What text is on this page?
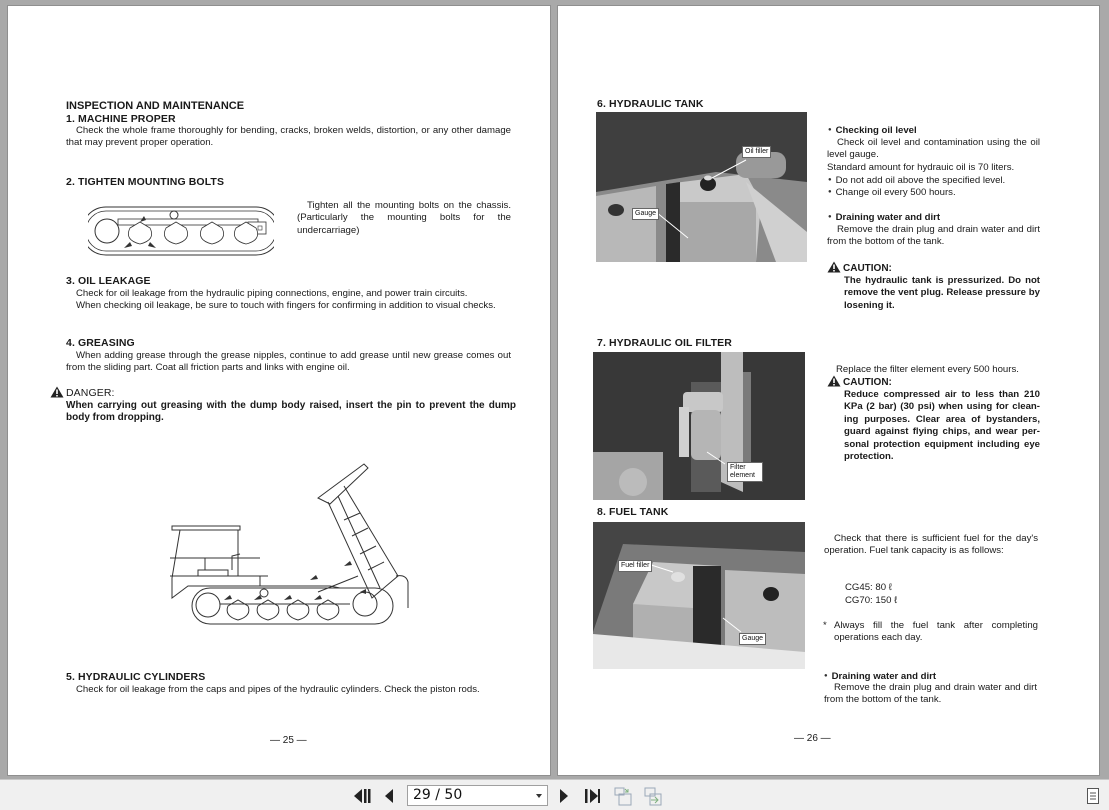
INSPECTION AND MAINTENANCE
1. MACHINE PROPER
Check the whole frame thoroughly for bending, cracks, broken welds, distortion, or any other damage that may prevent proper operation.
2. TIGHTEN MOUNTING BOLTS
Tighten all the mounting bolts on the chassis. (Particularly the mounting bolts for the undercarriage)
3. OIL LEAKAGE
Check for oil leakage from the hydraulic piping connections, engine, and power train circuits.
When checking oil leakage, be sure to touch with fingers for confirming in addition to visual checks.
4. GREASING
When adding grease through the grease nipples, continue to add grease until new grease comes out from the sliding part. Coat all friction parts and links with engine oil.
DANGER:
When carrying out greasing with the dump body raised, insert the pin to prevent the dump body from dropping.
5. HYDRAULIC CYLINDERS
Check for oil leakage from the caps and pipes of the hydraulic cylinders. Check the piston rods.
— 25 —
6. HYDRAULIC TANK
Oil filler
Gauge
● Checking oil level
Check oil level and contamination using the oil level gauge.
Standard amount for hydrauic oil is 70 liters.
● Do not add oil above the specified level.
● Change oil every 500 hours.
● Draining water and dirt
Remove the drain plug and drain water and dirt from the bottom of the tank.
CAUTION:
The hydraulic tank is pressurized. Do not remove the vent plug. Release pressure by losening it.
7. HYDRAULIC OIL FILTER
Filter element
Replace the filter element every 500 hours.
CAUTION:
Reduce compressed air to less than 210 KPa (2 bar) (30 psi) when using for clean-ing purposes. Clear area of bystanders, guard against flying chips, and wear per-sonal protection equipment including eye protection.
8. FUEL TANK
Fuel filler
Gauge
Check that there is sufficient fuel for the day's operation. Fuel tank capacity is as follows:
CG45: 80 ℓ
CG70: 150 ℓ
* Always fill the fuel tank after completing operations each day.
● Draining water and dirt
Remove the drain plug and drain water and dirt from the bottom of the tank.
— 26 —
29 / 50
